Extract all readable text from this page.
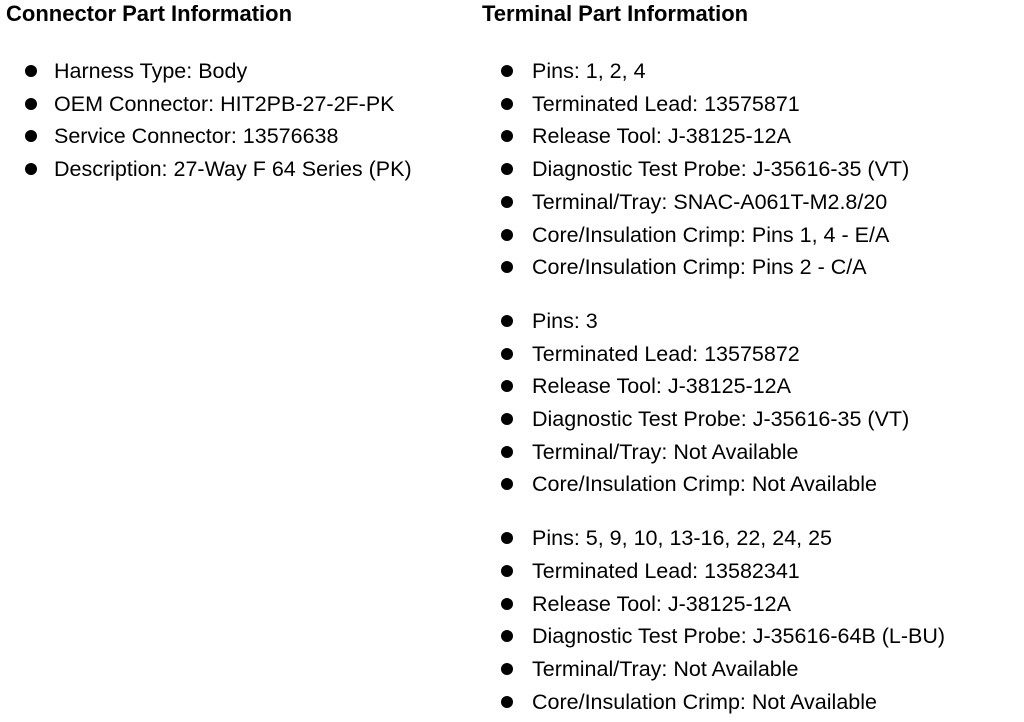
Connector Part Information
Harness Type: Body
OEM Connector: HIT2PB-27-2F-PK
Service Connector: 13576638
Description: 27-Way F 64 Series (PK)
Terminal Part Information
Pins: 1, 2, 4
Terminated Lead: 13575871
Release Tool: J-38125-12A
Diagnostic Test Probe: J-35616-35 (VT)
Terminal/Tray: SNAC-A061T-M2.8/20
Core/Insulation Crimp: Pins 1, 4 - E/A
Core/Insulation Crimp: Pins 2 - C/A
Pins: 3
Terminated Lead: 13575872
Release Tool: J-38125-12A
Diagnostic Test Probe: J-35616-35 (VT)
Terminal/Tray: Not Available
Core/Insulation Crimp: Not Available
Pins: 5, 9, 10, 13-16, 22, 24, 25
Terminated Lead: 13582341
Release Tool: J-38125-12A
Diagnostic Test Probe: J-35616-64B (L-BU)
Terminal/Tray: Not Available
Core/Insulation Crimp: Not Available
